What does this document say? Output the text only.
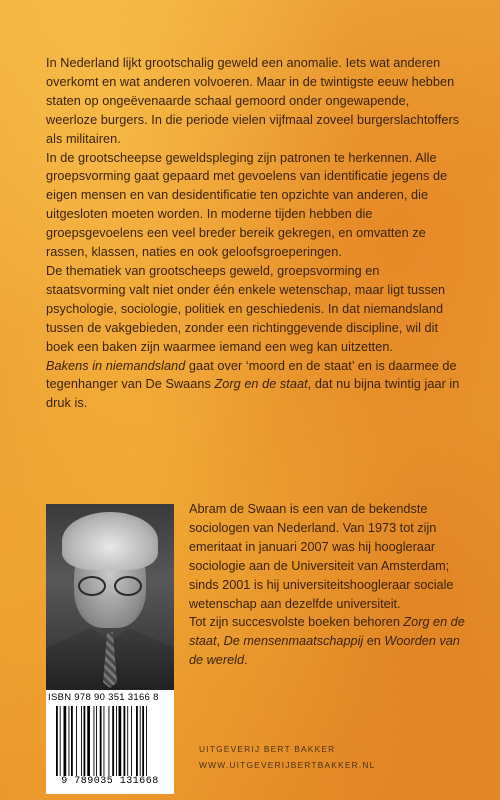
In Nederland lijkt grootschalig geweld een anomalie. Iets wat anderen overkomt en wat anderen volvoeren. Maar in de twintigste eeuw hebben staten op ongeëvenaarde schaal gemoord onder ongewapende, weerloze burgers. In die periode vielen vijfmaal zoveel burgerslachtoffers als militairen.

In de grootscheepse geweldspleging zijn patronen te herkennen. Alle groepsvorming gaat gepaard met gevoelens van identificatie jegens de eigen mensen en van desidentificatie ten opzichte van anderen, die uitgesloten moeten worden. In moderne tijden hebben die groepsgevoelens een veel breder bereik gekregen, en omvatten ze rassen, klassen, naties en ook geloofsgroeperingen.

De thematiek van grootscheeps geweld, groepsvorming en staatsvorming valt niet onder één enkele wetenschap, maar ligt tussen psychologie, sociologie, politiek en geschiedenis. In dat niemandsland tussen de vakgebieden, zonder een richtinggevende discipline, wil dit boek een baken zijn waarmee iemand een weg kan uitzetten.

Bakens in niemandsland gaat over ‘moord en de staat’ en is daarmee de tegenhanger van De Swaans Zorg en de staat, dat nu bijna twintig jaar in druk is.

Abram de Swaan is een van de bekendste sociologen van Nederland. Van 1973 tot zijn emeritaat in januari 2007 was hij hoogleraar sociologie aan de Universiteit van Amsterdam; sinds 2001 is hij universiteitshoogleraar sociale wetenschap aan dezelfde universiteit.

Tot zijn succesvolste boeken behoren Zorg en de staat, De mensenmaatschappij en Woorden van de wereld.

ISBN 978 90 351 3166 8
9 789035 131668
UITGEVERIJ BERT BAKKER
WWW.UITGEVERIJBERTBAKKER.NL
